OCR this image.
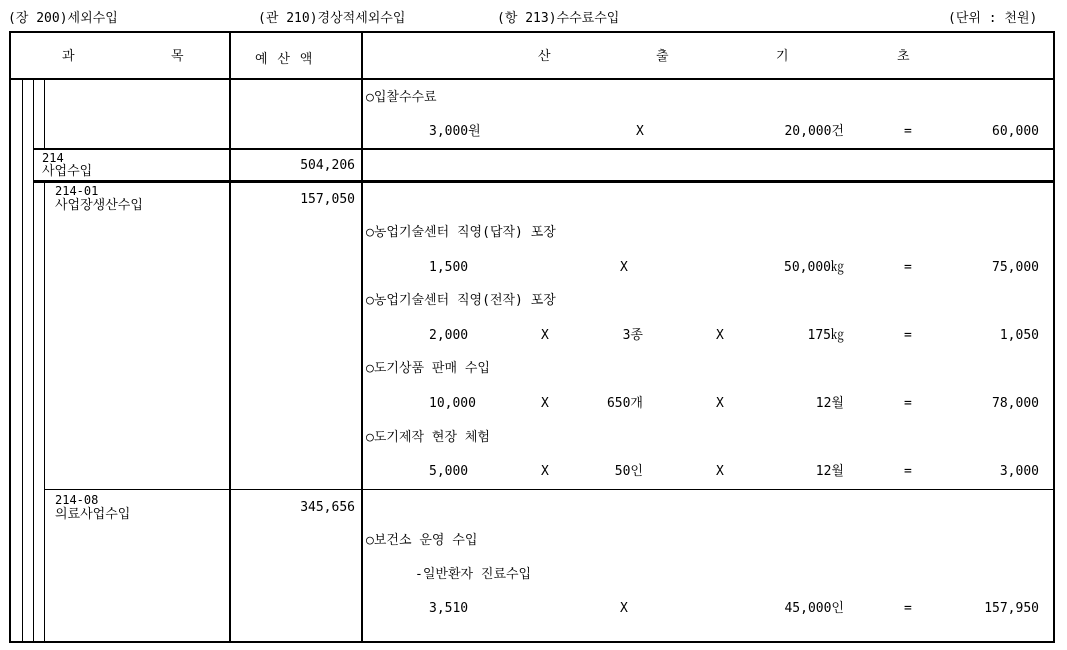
(장 200)세외수입	(관 210)경상적세외수입	(항 213)수수료수입	(단위 : 천원)
과	목	예 산 액	산	출	기	초
○입찰수수료
3,000원	X	20,000건	=	60,000
214
사업수입	504,206
214-01
사업장생산수입	157,050
○농업기술센터 직영(답작) 포장
1,500	X	50,000㎏	=	75,000
○농업기술센터 직영(전작) 포장
2,000	X	3종	X	175㎏	=	1,050
○도기상품 판매 수입
10,000	X	650개	X	12월	=	78,000
○도기제작 현장 체험
5,000	X	50인	X	12월	=	3,000
214-08
의료사업수입	345,656
○보건소 운영 수입
-일반환자 진료수입
3,510	X	45,000인	=	157,950
